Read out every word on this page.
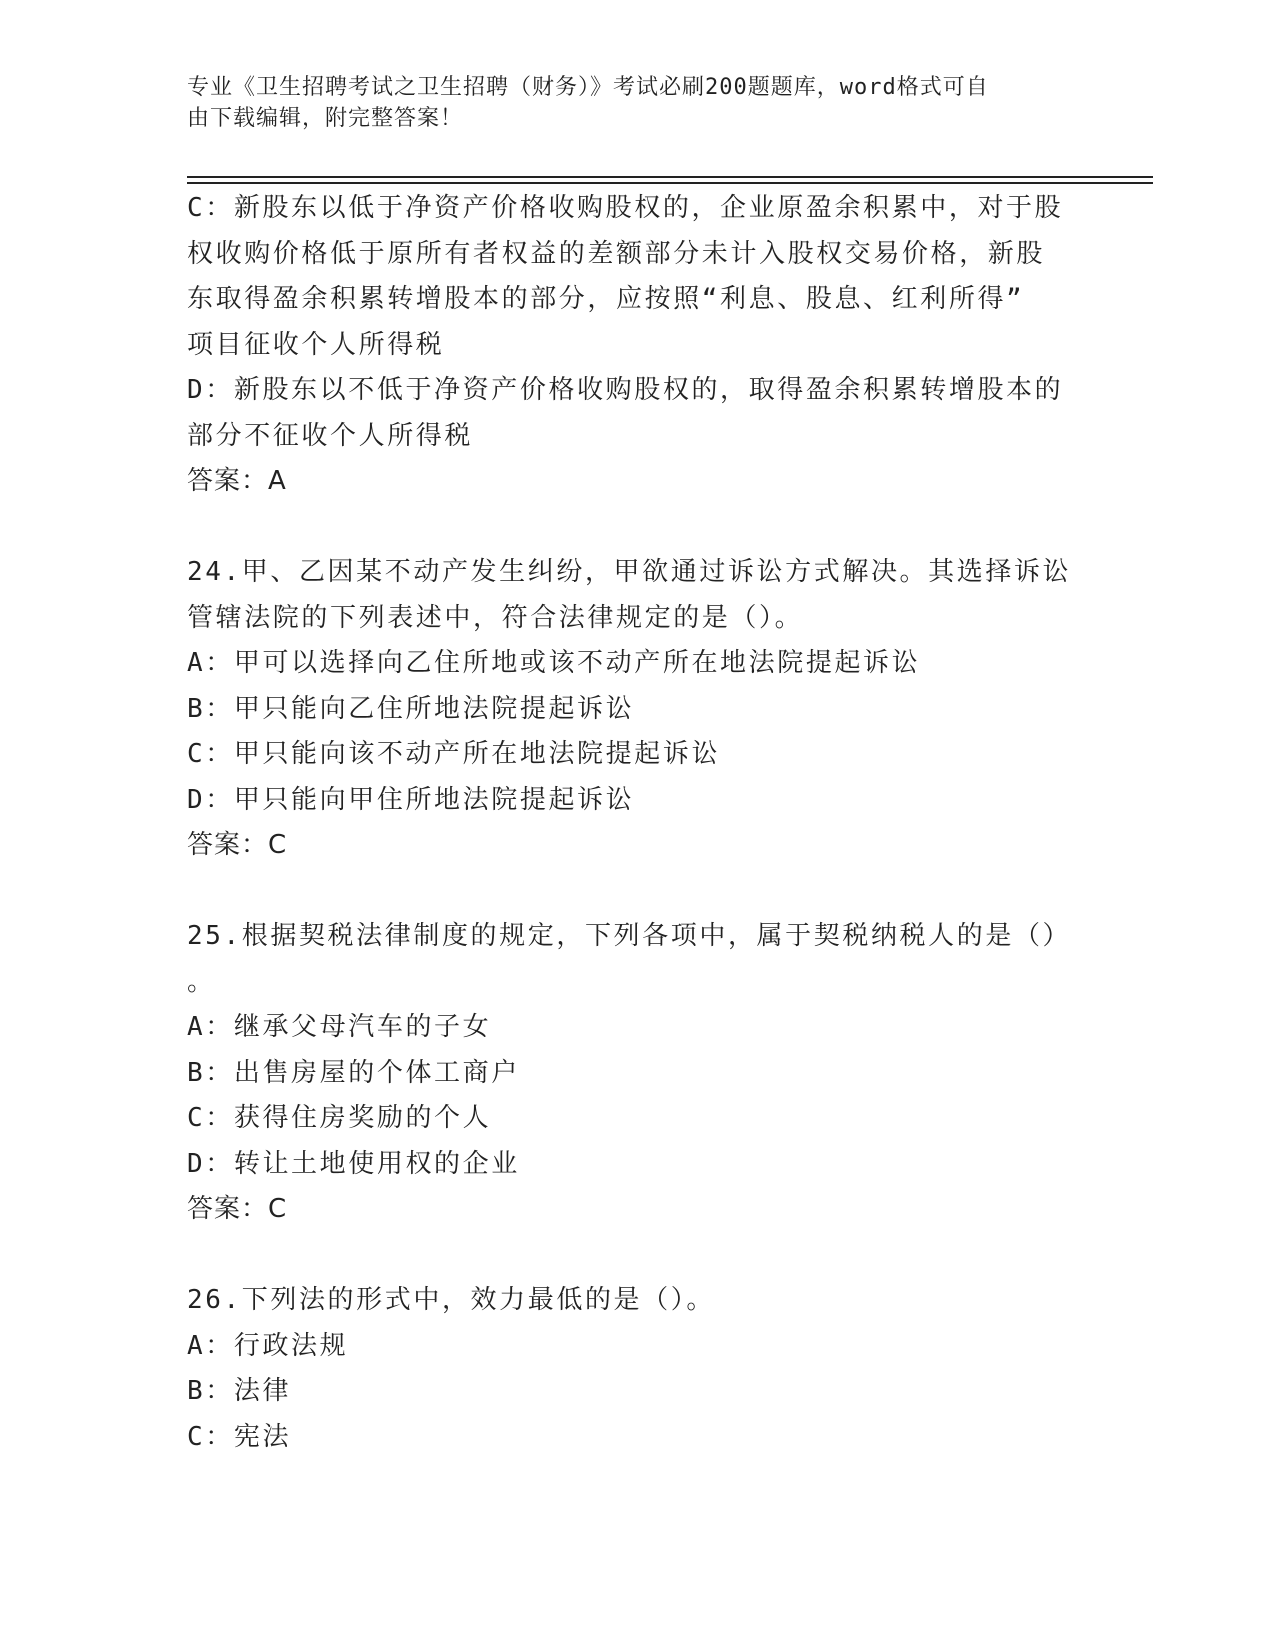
专业《卫生招聘考试之卫生招聘（财务）》考试必刷200题题库，word格式可自
由下载编辑，附完整答案！
C：新股东以低于净资产价格收购股权的，企业原盈余积累中，对于股
权收购价格低于原所有者权益的差额部分未计入股权交易价格，新股
东取得盈余积累转增股本的部分，应按照“利息、股息、红利所得”
项目征收个人所得税
D：新股东以不低于净资产价格收购股权的，取得盈余积累转增股本的
部分不征收个人所得税
答案：A
24.甲、乙因某不动产发生纠纷，甲欲通过诉讼方式解决。其选择诉讼
管辖法院的下列表述中，符合法律规定的是（）。
A：甲可以选择向乙住所地或该不动产所在地法院提起诉讼
B：甲只能向乙住所地法院提起诉讼
C：甲只能向该不动产所在地法院提起诉讼
D：甲只能向甲住所地法院提起诉讼
答案：C
25.根据契税法律制度的规定，下列各项中，属于契税纳税人的是（）
。
A：继承父母汽车的子女
B：出售房屋的个体工商户
C：获得住房奖励的个人
D：转让土地使用权的企业
答案：C
26.下列法的形式中，效力最低的是（）。
A：行政法规
B：法律
C：宪法
